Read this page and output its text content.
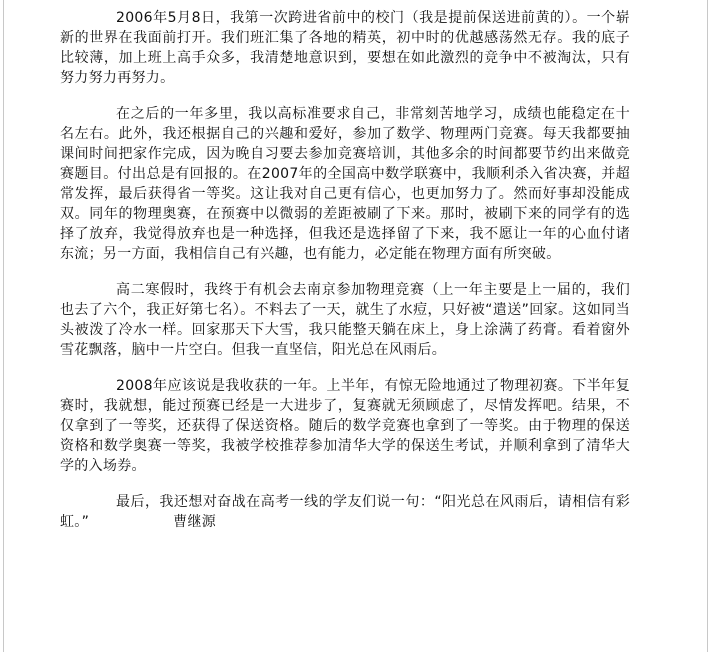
2006年5月8日，我第一次跨进省前中的校门（我是提前保送进前黄的）。一个崭新的世界在我面前打开。我们班汇集了各地的精英，初中时的优越感荡然无存。我的底子比较薄，加上班上高手众多，我清楚地意识到，要想在如此激烈的竞争中不被淘汰，只有努力努力再努力。

在之后的一年多里，我以高标准要求自己，非常刻苦地学习，成绩也能稳定在十名左右。此外，我还根据自己的兴趣和爱好，参加了数学、物理两门竞赛。每天我都要抽课间时间把家作完成，因为晚自习要去参加竞赛培训，其他多余的时间都要节约出来做竞赛题目。付出总是有回报的。在2007年的全国高中数学联赛中，我顺利杀入省决赛，并超常发挥，最后获得省一等奖。这让我对自己更有信心，也更加努力了。然而好事却没能成双。同年的物理奥赛，在预赛中以微弱的差距被刷了下来。那时，被刷下来的同学有的选择了放弃，我觉得放弃也是一种选择，但我还是选择留了下来，我不愿让一年的心血付诸东流；另一方面，我相信自己有兴趣，也有能力，必定能在物理方面有所突破。

高二寒假时，我终于有机会去南京参加物理竞赛（上一年主要是上一届的，我们也去了六个，我正好第七名）。不料去了一天，就生了水痘，只好被“遣送”回家。这如同当头被泼了冷水一样。回家那天下大雪，我只能整天躺在床上，身上涂满了药膏。看着窗外雪花飘落，脑中一片空白。但我一直坚信，阳光总在风雨后。

2008年应该说是我收获的一年。上半年，有惊无险地通过了物理初赛。下半年复赛时，我就想，能过预赛已经是一大进步了，复赛就无须顾虑了，尽情发挥吧。结果，不仅拿到了一等奖，还获得了保送资格。随后的数学竞赛也拿到了一等奖。由于物理的保送资格和数学奥赛一等奖，我被学校推荐参加清华大学的保送生考试，并顺利拿到了清华大学的入场券。

最后，我还想对奋战在高考一线的学友们说一句：“阳光总在风雨后，请相信有彩虹。”	曹继源
